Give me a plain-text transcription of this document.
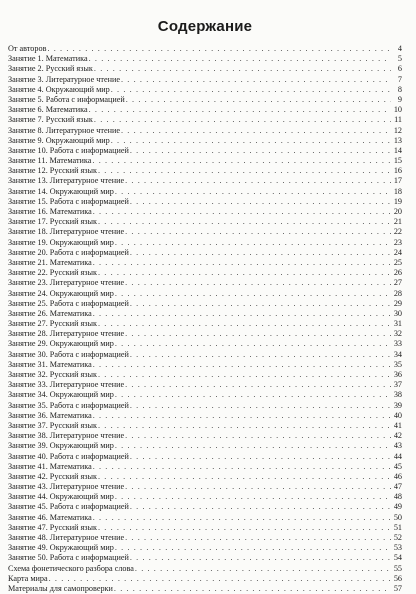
Содержание
От авторов . . .	4
Занятие 1. Математика . . .	5
Занятие 2. Русский язык . . .	6
Занятие 3. Литературное чтение . . .	7
Занятие 4. Окружающий мир . . .	8
Занятие 5. Работа с информацией . . .	9
Занятие 6. Математика . . .	10
Занятие 7. Русский язык . . .	11
Занятие 8. Литературное чтение . . .	12
Занятие 9. Окружающий мир . . .	13
Занятие 10. Работа с информацией . . .	14
Занятие 11. Математика . . .	15
Занятие 12. Русский язык . . .	16
Занятие 13. Литературное чтение . . .	17
Занятие 14. Окружающий мир . . .	18
Занятие 15. Работа с информацией . . .	19
Занятие 16. Математика . . .	20
Занятие 17. Русский язык . . .	21
Занятие 18. Литературное чтение . . .	22
Занятие 19. Окружающий мир . . .	23
Занятие 20. Работа с информацией . . .	24
Занятие 21. Математика . . .	25
Занятие 22. Русский язык . . .	26
Занятие 23. Литературное чтение . . .	27
Занятие 24. Окружающий мир . . .	28
Занятие 25. Работа с информацией . . .	29
Занятие 26. Математика . . .	30
Занятие 27. Русский язык . . .	31
Занятие 28. Литературное чтение . . .	32
Занятие 29. Окружающий мир . . .	33
Занятие 30. Работа с информацией . . .	34
Занятие 31. Математика . . .	35
Занятие 32. Русский язык . . .	36
Занятие 33. Литературное чтение . . .	37
Занятие 34. Окружающий мир . . .	38
Занятие 35. Работа с информацией . . .	39
Занятие 36. Математика . . .	40
Занятие 37. Русский язык . . .	41
Занятие 38. Литературное чтение . . .	42
Занятие 39. Окружающий мир . . .	43
Занятие 40. Работа с информацией . . .	44
Занятие 41. Математика . . .	45
Занятие 42. Русский язык . . .	46
Занятие 43. Литературное чтение . . .	47
Занятие 44. Окружающий мир . . .	48
Занятие 45. Работа с информацией . . .	49
Занятие 46. Математика . . .	50
Занятие 47. Русский язык . . .	51
Занятие 48. Литературное чтение . . .	52
Занятие 49. Окружающий мир . . .	53
Занятие 50. Работа с информацией . . .	54
Схема фонетического разбора слова . . .	55
Карта мира . . .	56
Материалы для самопроверки . . .	57
